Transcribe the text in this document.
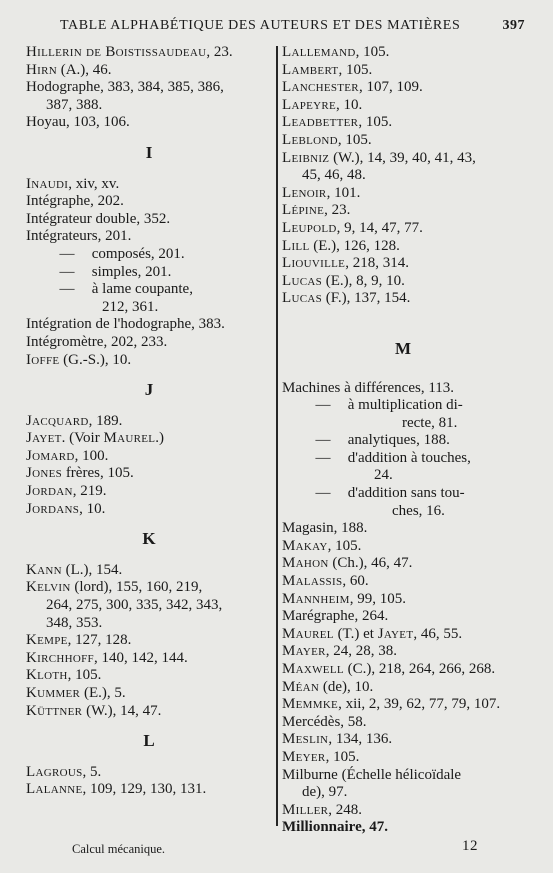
TABLE ALPHABÉTIQUE DES AUTEURS ET DES MATIÈRES	397
Hillerin de Boistissaudeau, 23.
Hirn (A.), 46.
Hodographe, 383, 384, 385, 386,
387, 388.
Hoyau, 103, 106.
I
Inaudi, xiv, xv.
Intégraphe, 202.
Intégrateur double, 352.
Intégrateurs, 201.
— composés, 201.
— simples, 201.
— à lame coupante,
212, 361.
Intégration de l'hodographe, 383.
Intégromètre, 202, 233.
Ioffe (G.-S.), 10.
J
Jacquard, 189.
Jayet. (Voir Maurel.)
Jomard, 100.
Jones frères, 105.
Jordan, 219.
Jordans, 10.
K
Kann (L.), 154.
Kelvin (lord), 155, 160, 219,
264, 275, 300, 335, 342, 343,
348, 353.
Kempe, 127, 128.
Kirchhoff, 140, 142, 144.
Kloth, 105.
Kummer (E.), 5.
Küttner (W.), 14, 47.
L
Lagrous, 5.
Lalanne, 109, 129, 130, 131.
Lallemand, 105.
Lambert, 105.
Lanchester, 107, 109.
Lapeyre, 10.
Leadbetter, 105.
Leblond, 105.
Leibniz (W.), 14, 39, 40, 41, 43,
45, 46, 48.
Lenoir, 101.
Lépine, 23.
Leupold, 9, 14, 47, 77.
Lill (E.), 126, 128.
Liouville, 218, 314.
Lucas (E.), 8, 9, 10.
Lucas (F.), 137, 154.
M
Machines à différences, 113.
— à multiplication di-
recte, 81.
— analytiques, 188.
— d'addition à touches,
24.
— d'addition sans tou-
ches, 16.
Magasin, 188.
Makay, 105.
Mahon (Ch.), 46, 47.
Malassis, 60.
Mannheim, 99, 105.
Marégraphe, 264.
Maurel (T.) et Jayet, 46, 55.
Mayer, 24, 28, 38.
Maxwell (C.), 218, 264, 266, 268.
Méan (de), 10.
Memmke, xii, 2, 39, 62, 77, 79, 107.
Mercédès, 58.
Meslin, 134, 136.
Meyer, 105.
Milburne (Échelle hélicoïdale
de), 97.
Miller, 248.
Millionnaire, 47.
Calcul mécanique.	12
